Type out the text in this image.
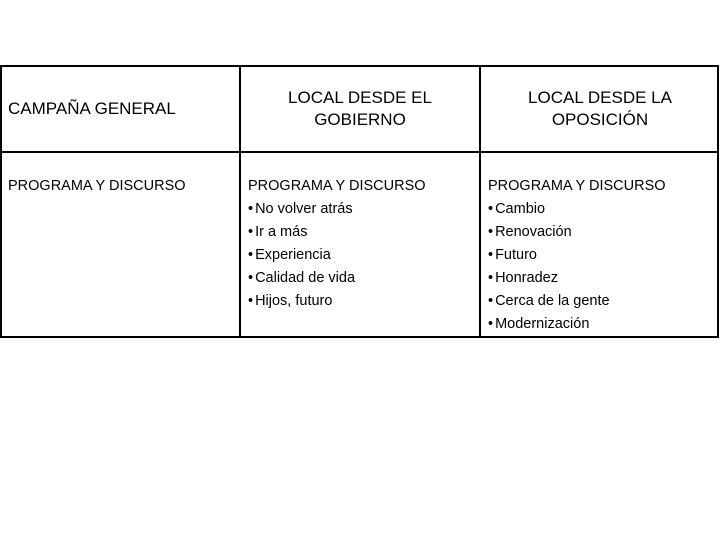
CAMPAÑA GENERAL
LOCAL DESDE EL GOBIERNO
LOCAL DESDE LA OPOSICIÓN
PROGRAMA Y DISCURSO	PROGRAMA Y DISCURSO
• No volver atrás
• Ir a más
• Experiencia
• Calidad de vida
• Hijos, futuro
PROGRAMA Y DISCURSO
• Cambio
• Renovación
• Futuro
• Honradez
• Cerca de la gente
• Modernización
